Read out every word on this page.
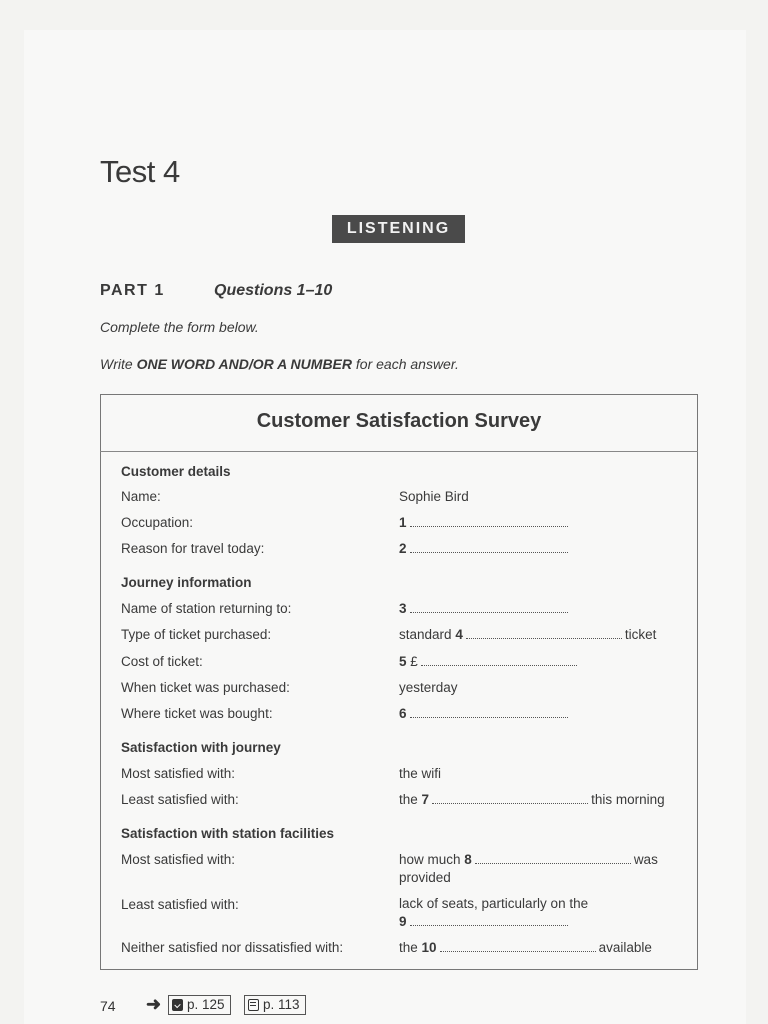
Test 4
LISTENING
PART 1	Questions 1–10
Complete the form below.
Write ONE WORD AND/OR A NUMBER for each answer.
Customer Satisfaction Survey
Customer details
Name:	Sophie Bird
Occupation:	1
Reason for travel today:	2
Journey information
Name of station returning to:	3
Type of ticket purchased:	standard 4	ticket
Cost of ticket:	5 £
When ticket was purchased:	yesterday
Where ticket was bought:	6
Satisfaction with journey
Most satisfied with:	the wifi
Least satisfied with:	the 7	this morning
Satisfaction with station facilities
Most satisfied with:	how much 8	was
provided
Least satisfied with:	lack of seats, particularly on the
9
Neither satisfied nor dissatisfied with:	the 10	available
74 ➜ p. 125	p. 113
